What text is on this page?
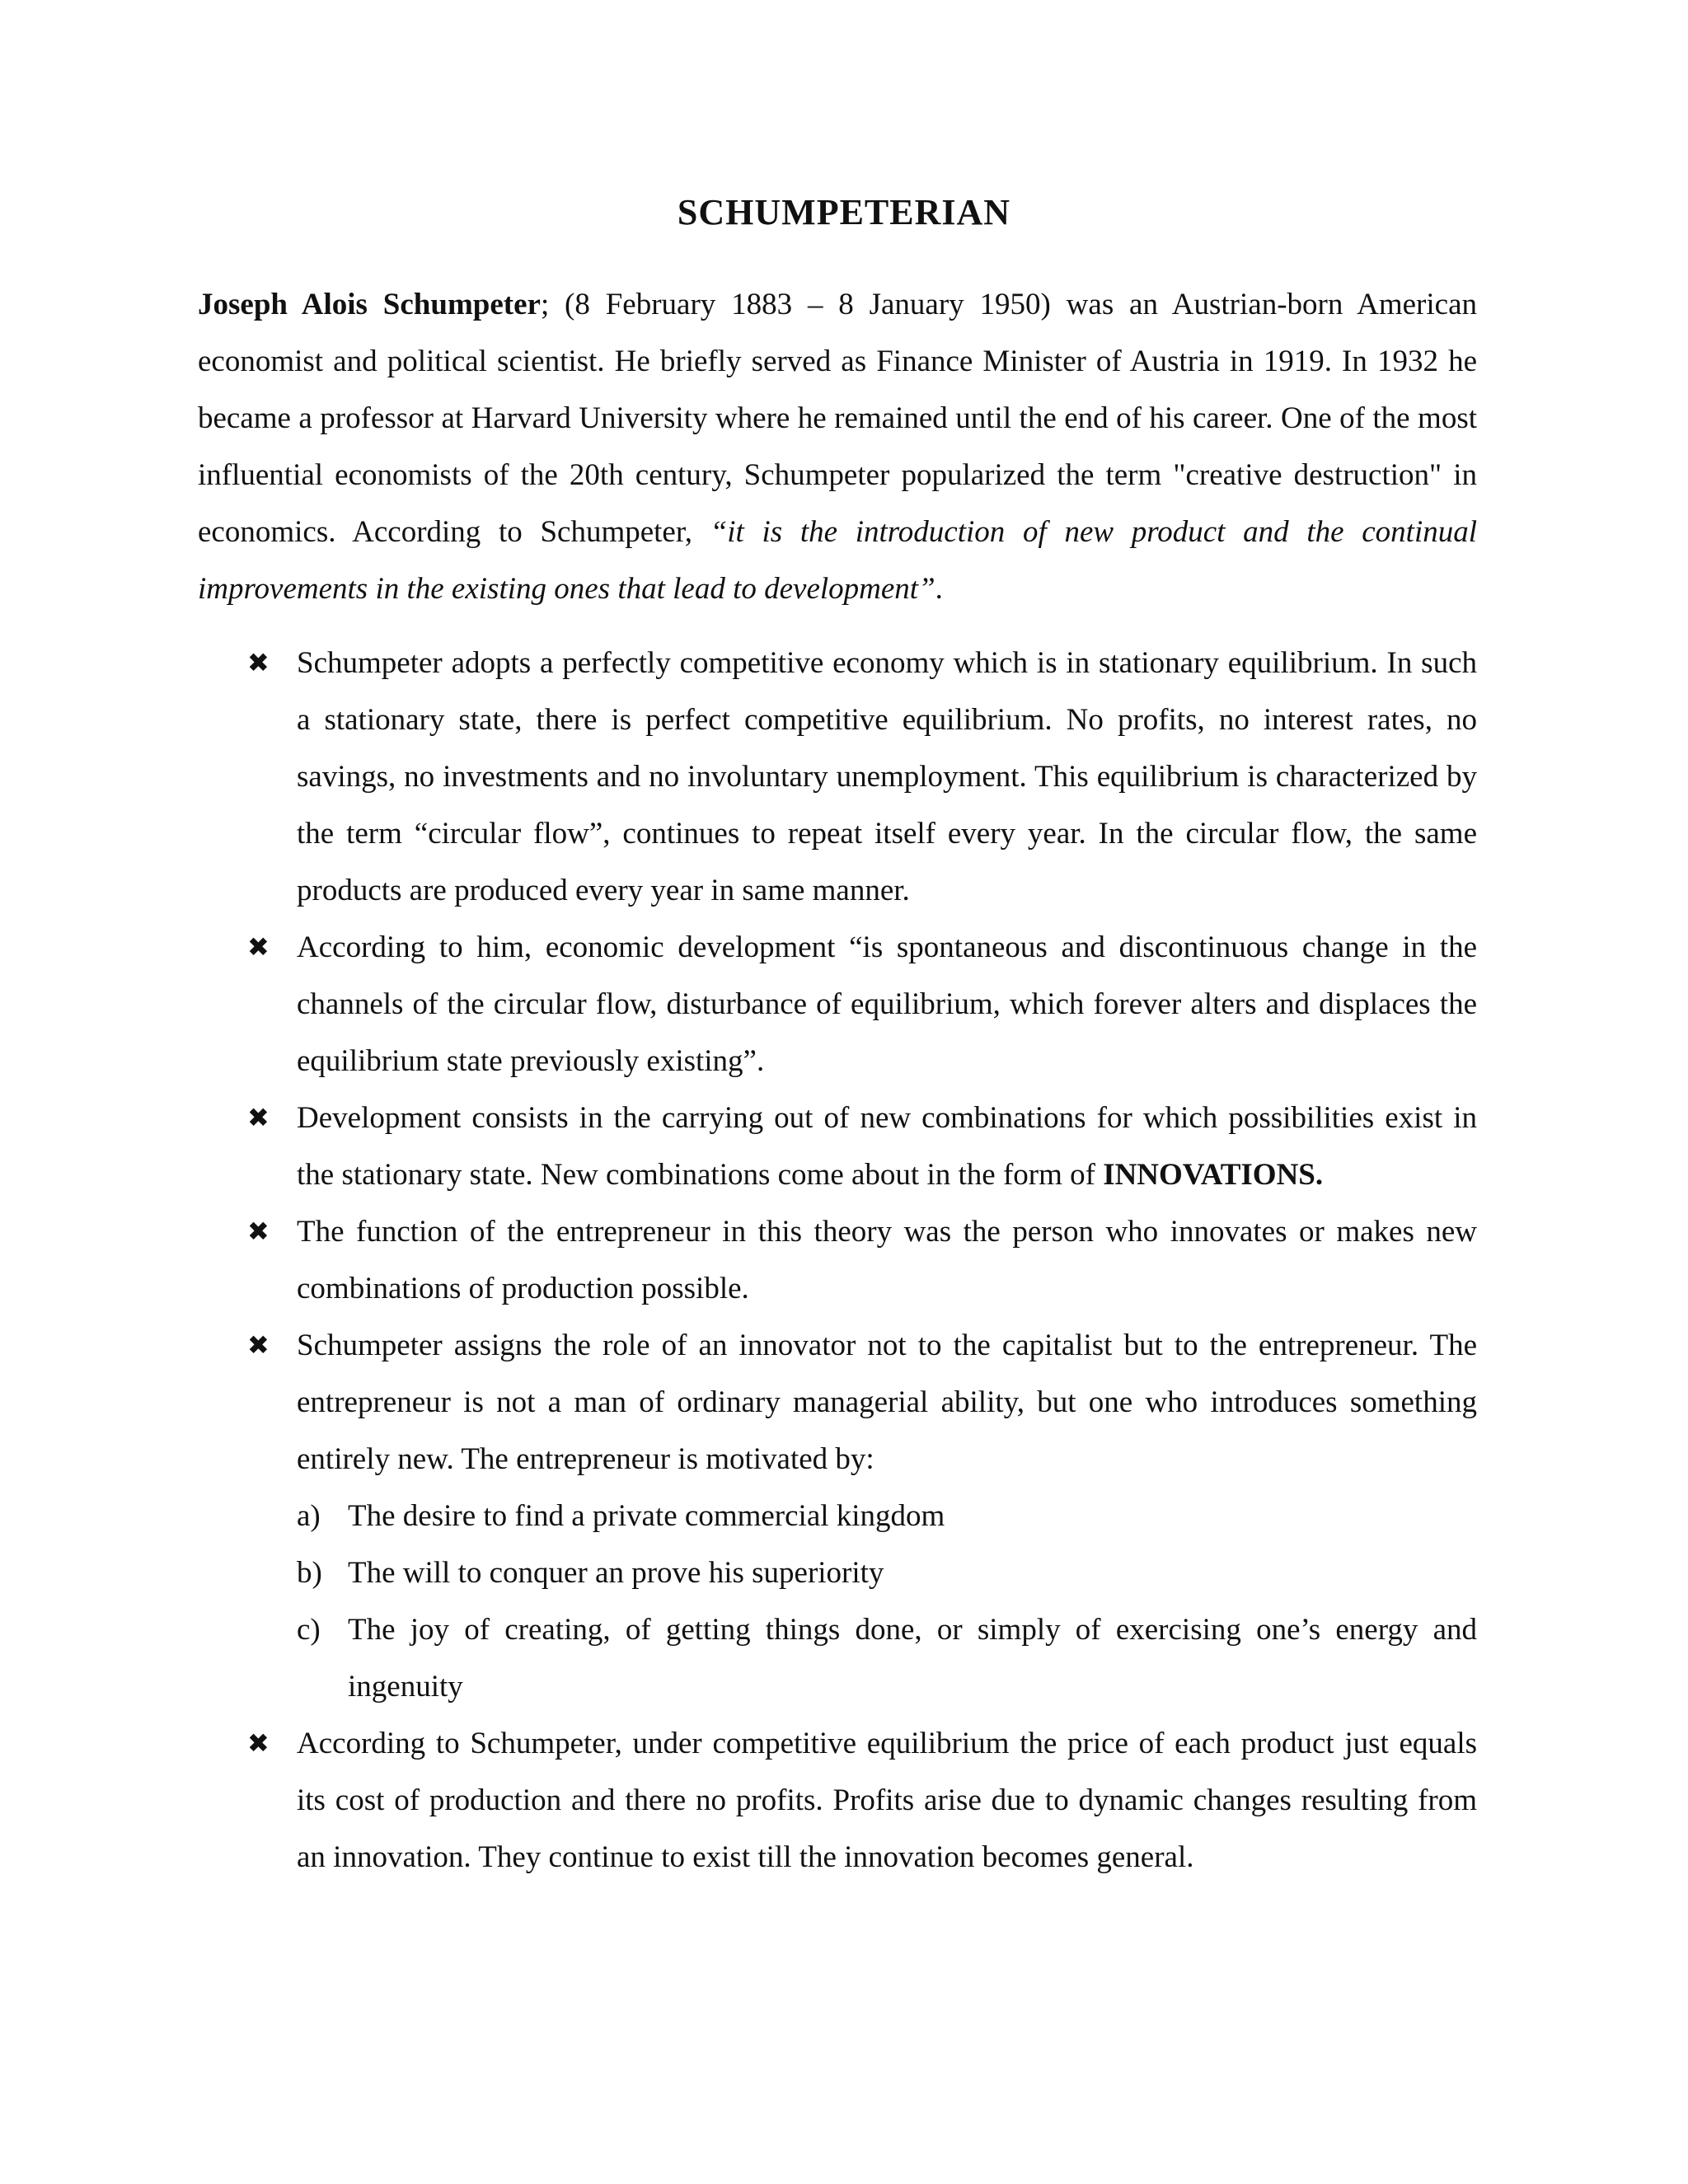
SCHUMPETERIAN

Joseph Alois Schumpeter; (8 February 1883 – 8 January 1950) was an Austrian-born American economist and political scientist. He briefly served as Finance Minister of Austria in 1919. In 1932 he became a professor at Harvard University where he remained until the end of his career. One of the most influential economists of the 20th century, Schumpeter popularized the term "creative destruction" in economics. According to Schumpeter, “it is the introduction of new product and the continual improvements in the existing ones that lead to development”.

✖ Schumpeter adopts a perfectly competitive economy which is in stationary equilibrium. In such a stationary state, there is perfect competitive equilibrium. No profits, no interest rates, no savings, no investments and no involuntary unemployment. This equilibrium is characterized by the term “circular flow”, continues to repeat itself every year. In the circular flow, the same products are produced every year in same manner.
✖ According to him, economic development “is spontaneous and discontinuous change in the channels of the circular flow, disturbance of equilibrium, which forever alters and displaces the equilibrium state previously existing”.
✖ Development consists in the carrying out of new combinations for which possibilities exist in the stationary state. New combinations come about in the form of INNOVATIONS.
✖ The function of the entrepreneur in this theory was the person who innovates or makes new combinations of production possible.
✖ Schumpeter assigns the role of an innovator not to the capitalist but to the entrepreneur. The entrepreneur is not a man of ordinary managerial ability, but one who introduces something entirely new. The entrepreneur is motivated by:
a) The desire to find a private commercial kingdom
b) The will to conquer an prove his superiority
c) The joy of creating, of getting things done, or simply of exercising one’s energy and ingenuity
✖ According to Schumpeter, under competitive equilibrium the price of each product just equals its cost of production and there no profits. Profits arise due to dynamic changes resulting from an innovation. They continue to exist till the innovation becomes general.
